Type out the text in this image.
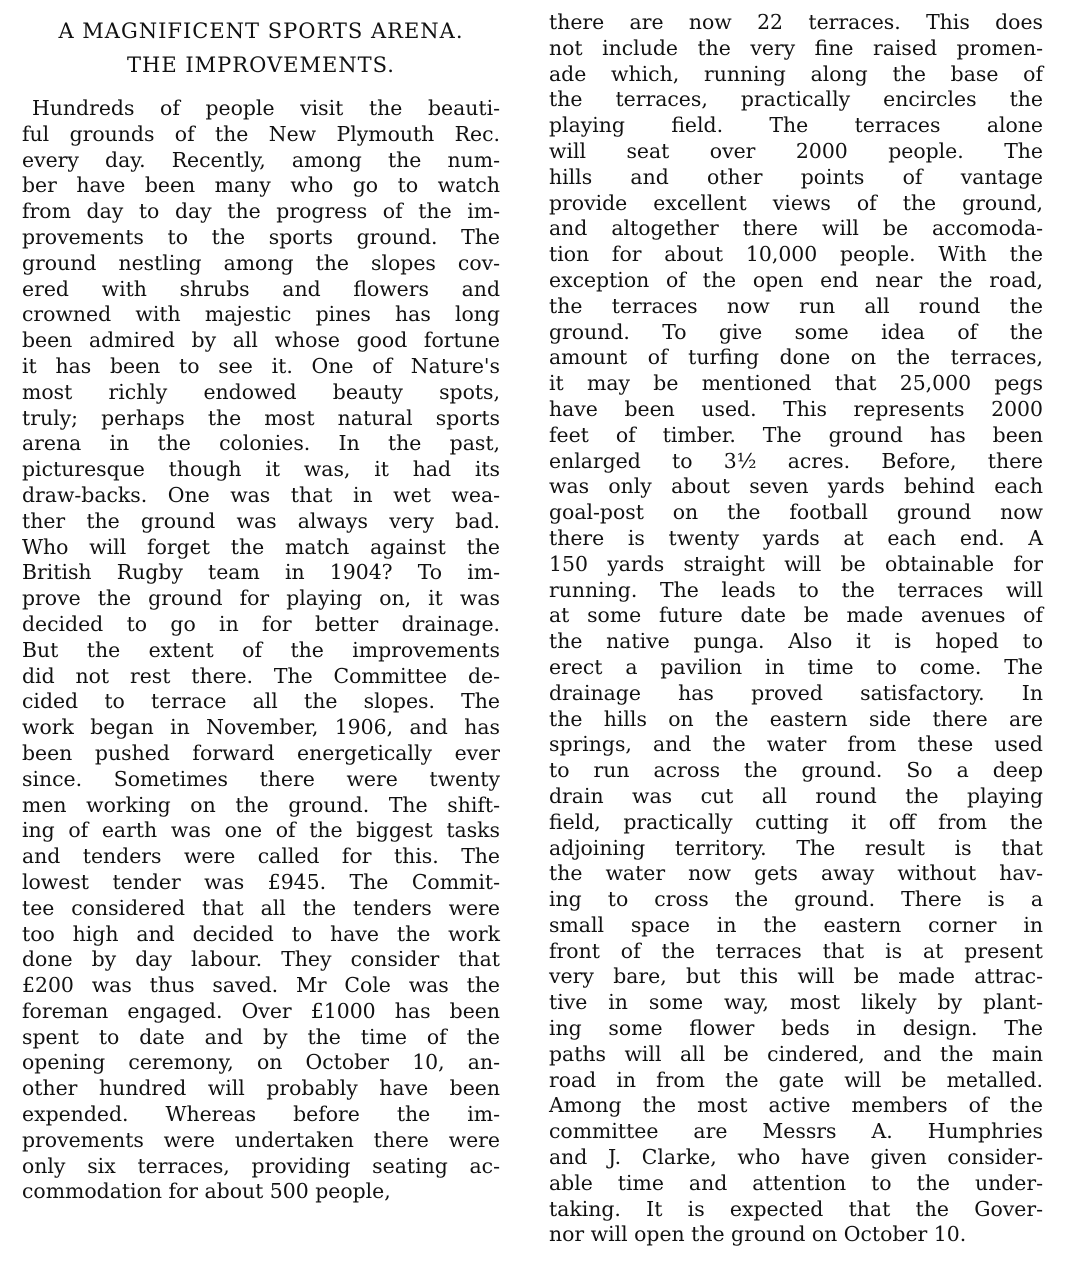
A MAGNIFICENT SPORTS ARENA.
THE IMPROVEMENTS.
Hundreds of people visit the beauti-
ful grounds of the New Plymouth Rec.
every day. Recently, among the num-
ber have been many who go to watch
from day to day the progress of the im-
provements to the sports ground. The
ground nestling among the slopes cov-
ered with shrubs and flowers and
crowned with majestic pines has long
been admired by all whose good fortune
it has been to see it. One of Nature's
most richly endowed beauty spots,
truly; perhaps the most natural sports
arena in the colonies. In the past,
picturesque though it was, it had its
draw-backs. One was that in wet wea-
ther the ground was always very bad.
Who will forget the match against the
British Rugby team in 1904? To im-
prove the ground for playing on, it was
decided to go in for better drainage.
But the extent of the improvements
did not rest there. The Committee de-
cided to terrace all the slopes. The
work began in November, 1906, and has
been pushed forward energetically ever
since. Sometimes there were twenty
men working on the ground. The shift-
ing of earth was one of the biggest tasks
and tenders were called for this. The
lowest tender was £945. The Commit-
tee considered that all the tenders were
too high and decided to have the work
done by day labour. They consider that
£200 was thus saved. Mr Cole was the
foreman engaged. Over £1000 has been
spent to date and by the time of the
opening ceremony, on October 10, an-
other hundred will probably have been
expended. Whereas before the im-
provements were undertaken there were
only six terraces, providing seating ac-
commodation for about 500 people,
there are now 22 terraces. This does
not include the very fine raised promen-
ade which, running along the base of
the terraces, practically encircles the
playing field. The terraces alone
will seat over 2000 people. The
hills and other points of vantage
provide excellent views of the ground,
and altogether there will be accomoda-
tion for about 10,000 people. With the
exception of the open end near the road,
the terraces now run all round the
ground. To give some idea of the
amount of turfing done on the terraces,
it may be mentioned that 25,000 pegs
have been used. This represents 2000
feet of timber. The ground has been
enlarged to 3½ acres. Before, there
was only about seven yards behind each
goal-post on the football ground now
there is twenty yards at each end. A
150 yards straight will be obtainable for
running. The leads to the terraces will
at some future date be made avenues of
the native punga. Also it is hoped to
erect a pavilion in time to come. The
drainage has proved satisfactory. In
the hills on the eastern side there are
springs, and the water from these used
to run across the ground. So a deep
drain was cut all round the playing
field, practically cutting it off from the
adjoining territory. The result is that
the water now gets away without hav-
ing to cross the ground. There is a
small space in the eastern corner in
front of the terraces that is at present
very bare, but this will be made attrac-
tive in some way, most likely by plant-
ing some flower beds in design. The
paths will all be cindered, and the main
road in from the gate will be metalled.
Among the most active members of the
committee are Messrs A. Humphries
and J. Clarke, who have given consider-
able time and attention to the under-
taking. It is expected that the Gover-
nor will open the ground on October 10.
